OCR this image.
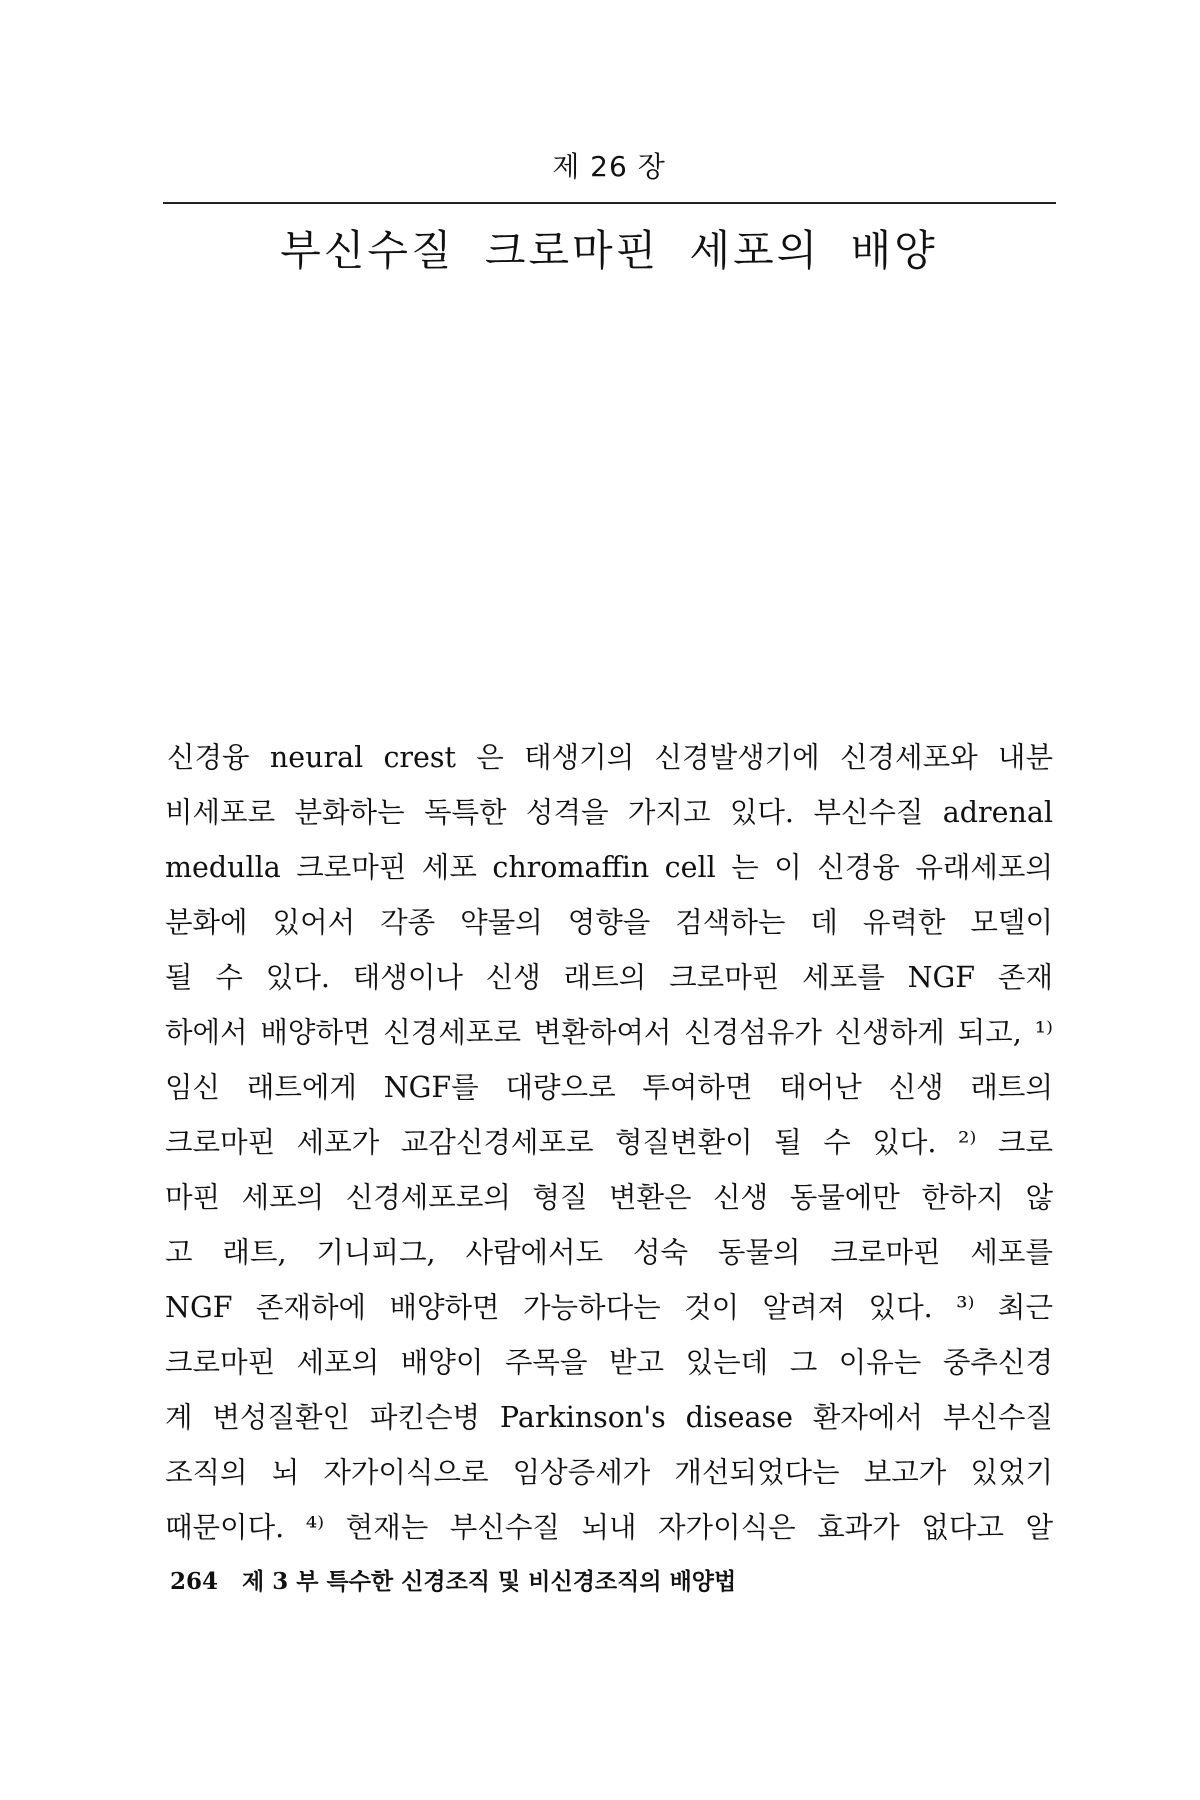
제 26 장
부신수질 크로마핀 세포의 배양
신경융 neural crest 은 태생기의 신경발생기에 신경세포와 내분
비세포로 분화하는 독특한 성격을 가지고 있다. 부신수질 adrenal
medulla 크로마핀 세포 chromaffin cell 는 이 신경융 유래세포의
분화에 있어서 각종 약물의 영향을 검색하는 데 유력한 모델이
될 수 있다. 태생이나 신생 래트의 크로마핀 세포를 NGF 존재
하에서 배양하면 신경세포로 변환하여서 신경섬유가 신생하게 되고, ¹⁾
임신 래트에게 NGF를 대량으로 투여하면 태어난 신생 래트의
크로마핀 세포가 교감신경세포로 형질변환이 될 수 있다. ²⁾ 크로
마핀 세포의 신경세포로의 형질 변환은 신생 동물에만 한하지 않
고 래트, 기니피그, 사람에서도 성숙 동물의 크로마핀 세포를
NGF 존재하에 배양하면 가능하다는 것이 알려져 있다. ³⁾ 최근
크로마핀 세포의 배양이 주목을 받고 있는데 그 이유는 중추신경
계 변성질환인 파킨슨병 Parkinson's disease 환자에서 부신수질
조직의 뇌 자가이식으로 임상증세가 개선되었다는 보고가 있었기
때문이다. ⁴⁾ 현재는 부신수질 뇌내 자가이식은 효과가 없다고 알
264 제 3 부 특수한 신경조직 및 비신경조직의 배양법
